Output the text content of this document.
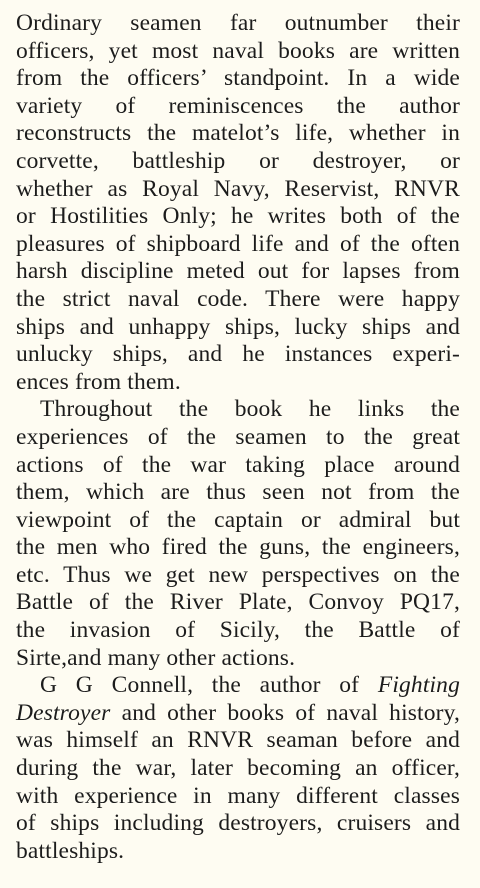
Ordinary seamen far outnumber their
officers, yet most naval books are written
from the officers’ standpoint. In a wide
variety of reminiscences the author
reconstructs the matelot’s life, whether in
corvette, battleship or destroyer, or
whether as Royal Navy, Reservist, RNVR
or Hostilities Only; he writes both of the
pleasures of shipboard life and of the often
harsh discipline meted out for lapses from
the strict naval code. There were happy
ships and unhappy ships, lucky ships and
unlucky ships, and he instances experi-
ences from them.

Throughout the book he links the
experiences of the seamen to the great
actions of the war taking place around
them, which are thus seen not from the
viewpoint of the captain or admiral but
the men who fired the guns, the engineers,
etc. Thus we get new perspectives on the
Battle of the River Plate, Convoy PQ17,
the invasion of Sicily, the Battle of
Sirte,and many other actions.

G G Connell, the author of Fighting
Destroyer and other books of naval history,
was himself an RNVR seaman before and
during the war, later becoming an officer,
with experience in many different classes
of ships including destroyers, cruisers and
battleships.
